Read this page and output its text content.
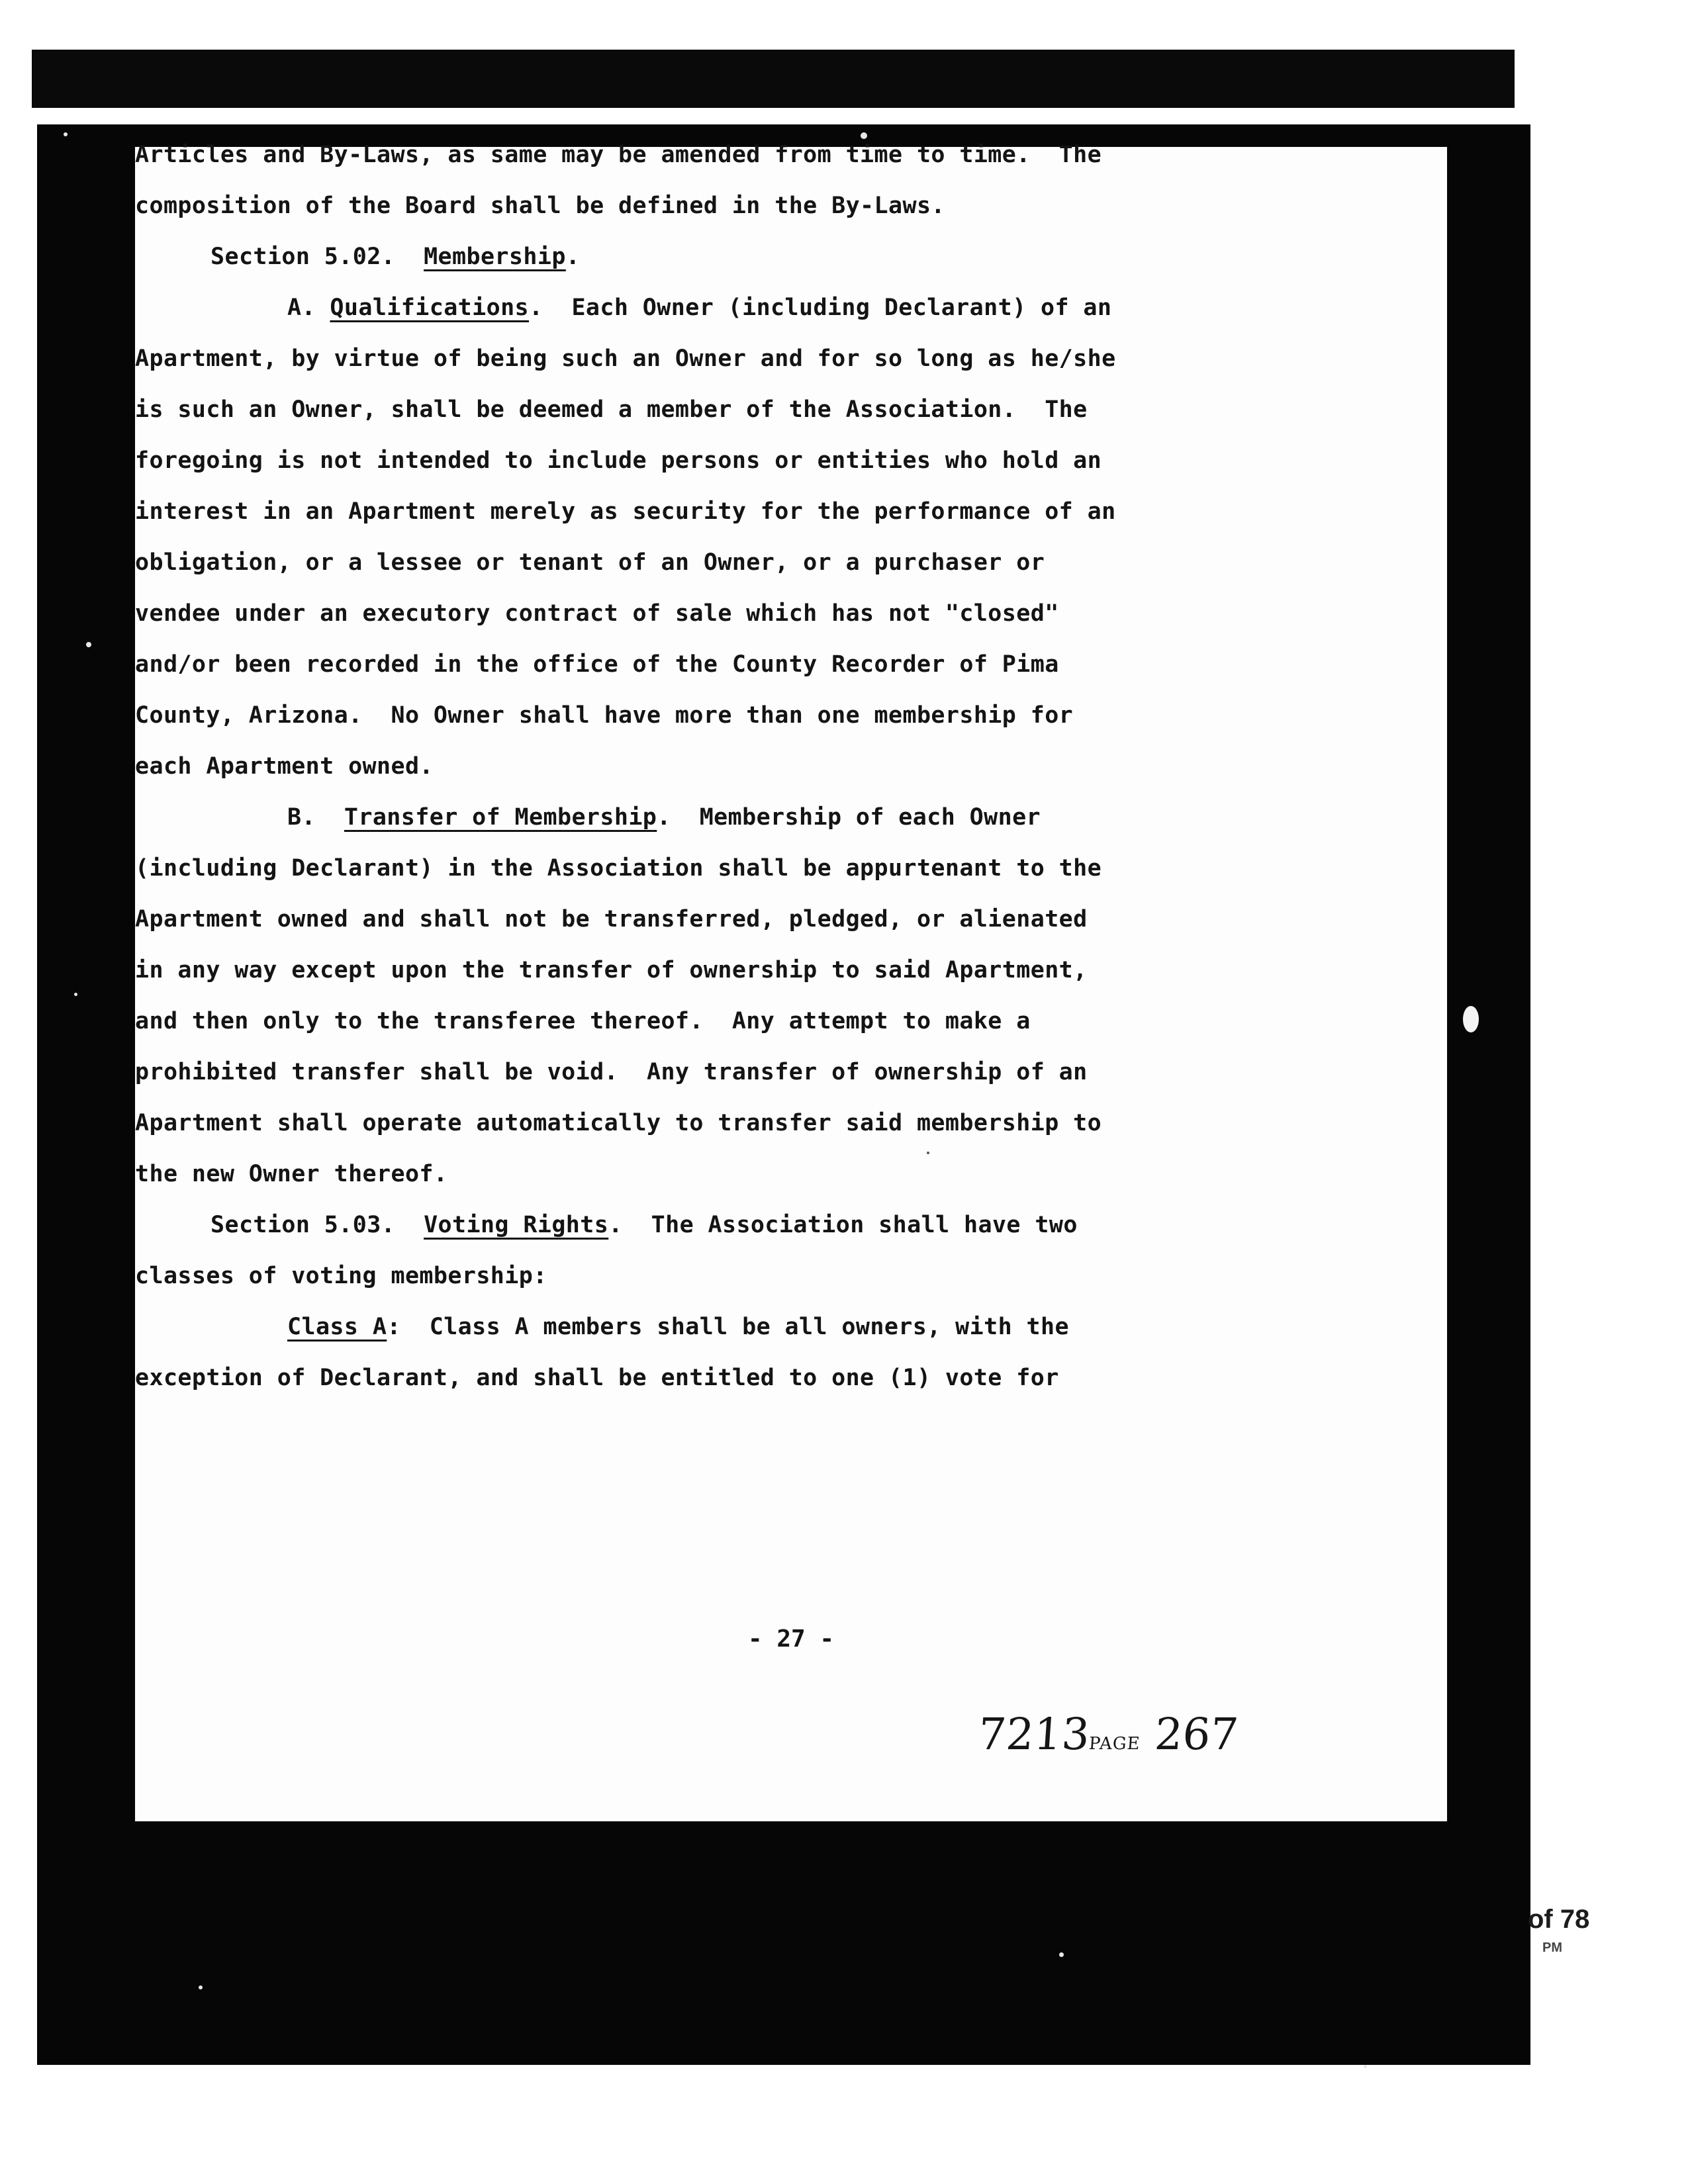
Articles and By-Laws, as same may be amended from time to time.  The
composition of the Board shall be defined in the By-Laws.
Section 5.02.  Membership.
A. Qualifications.  Each Owner (including Declarant) of an
Apartment, by virtue of being such an Owner and for so long as he/she
is such an Owner, shall be deemed a member of the Association.  The
foregoing is not intended to include persons or entities who hold an
interest in an Apartment merely as security for the performance of an
obligation, or a lessee or tenant of an Owner, or a purchaser or
vendee under an executory contract of sale which has not "closed"
and/or been recorded in the office of the County Recorder of Pima
County, Arizona.  No Owner shall have more than one membership for
each Apartment owned.
B.  Transfer of Membership.  Membership of each Owner
(including Declarant) in the Association shall be appurtenant to the
Apartment owned and shall not be transferred, pledged, or alienated
in any way except upon the transfer of ownership to said Apartment,
and then only to the transferee thereof.  Any attempt to make a
prohibited transfer shall be void.  Any transfer of ownership of an
Apartment shall operate automatically to transfer said membership to
the new Owner thereof.
Section 5.03.  Voting Rights.  The Association shall have two
classes of voting membership:
Class A:  Class A members shall be all owners, with the
exception of Declarant, and shall be entitled to one (1) vote for
- 27 -
7213PAGE 267
of 78
PM
